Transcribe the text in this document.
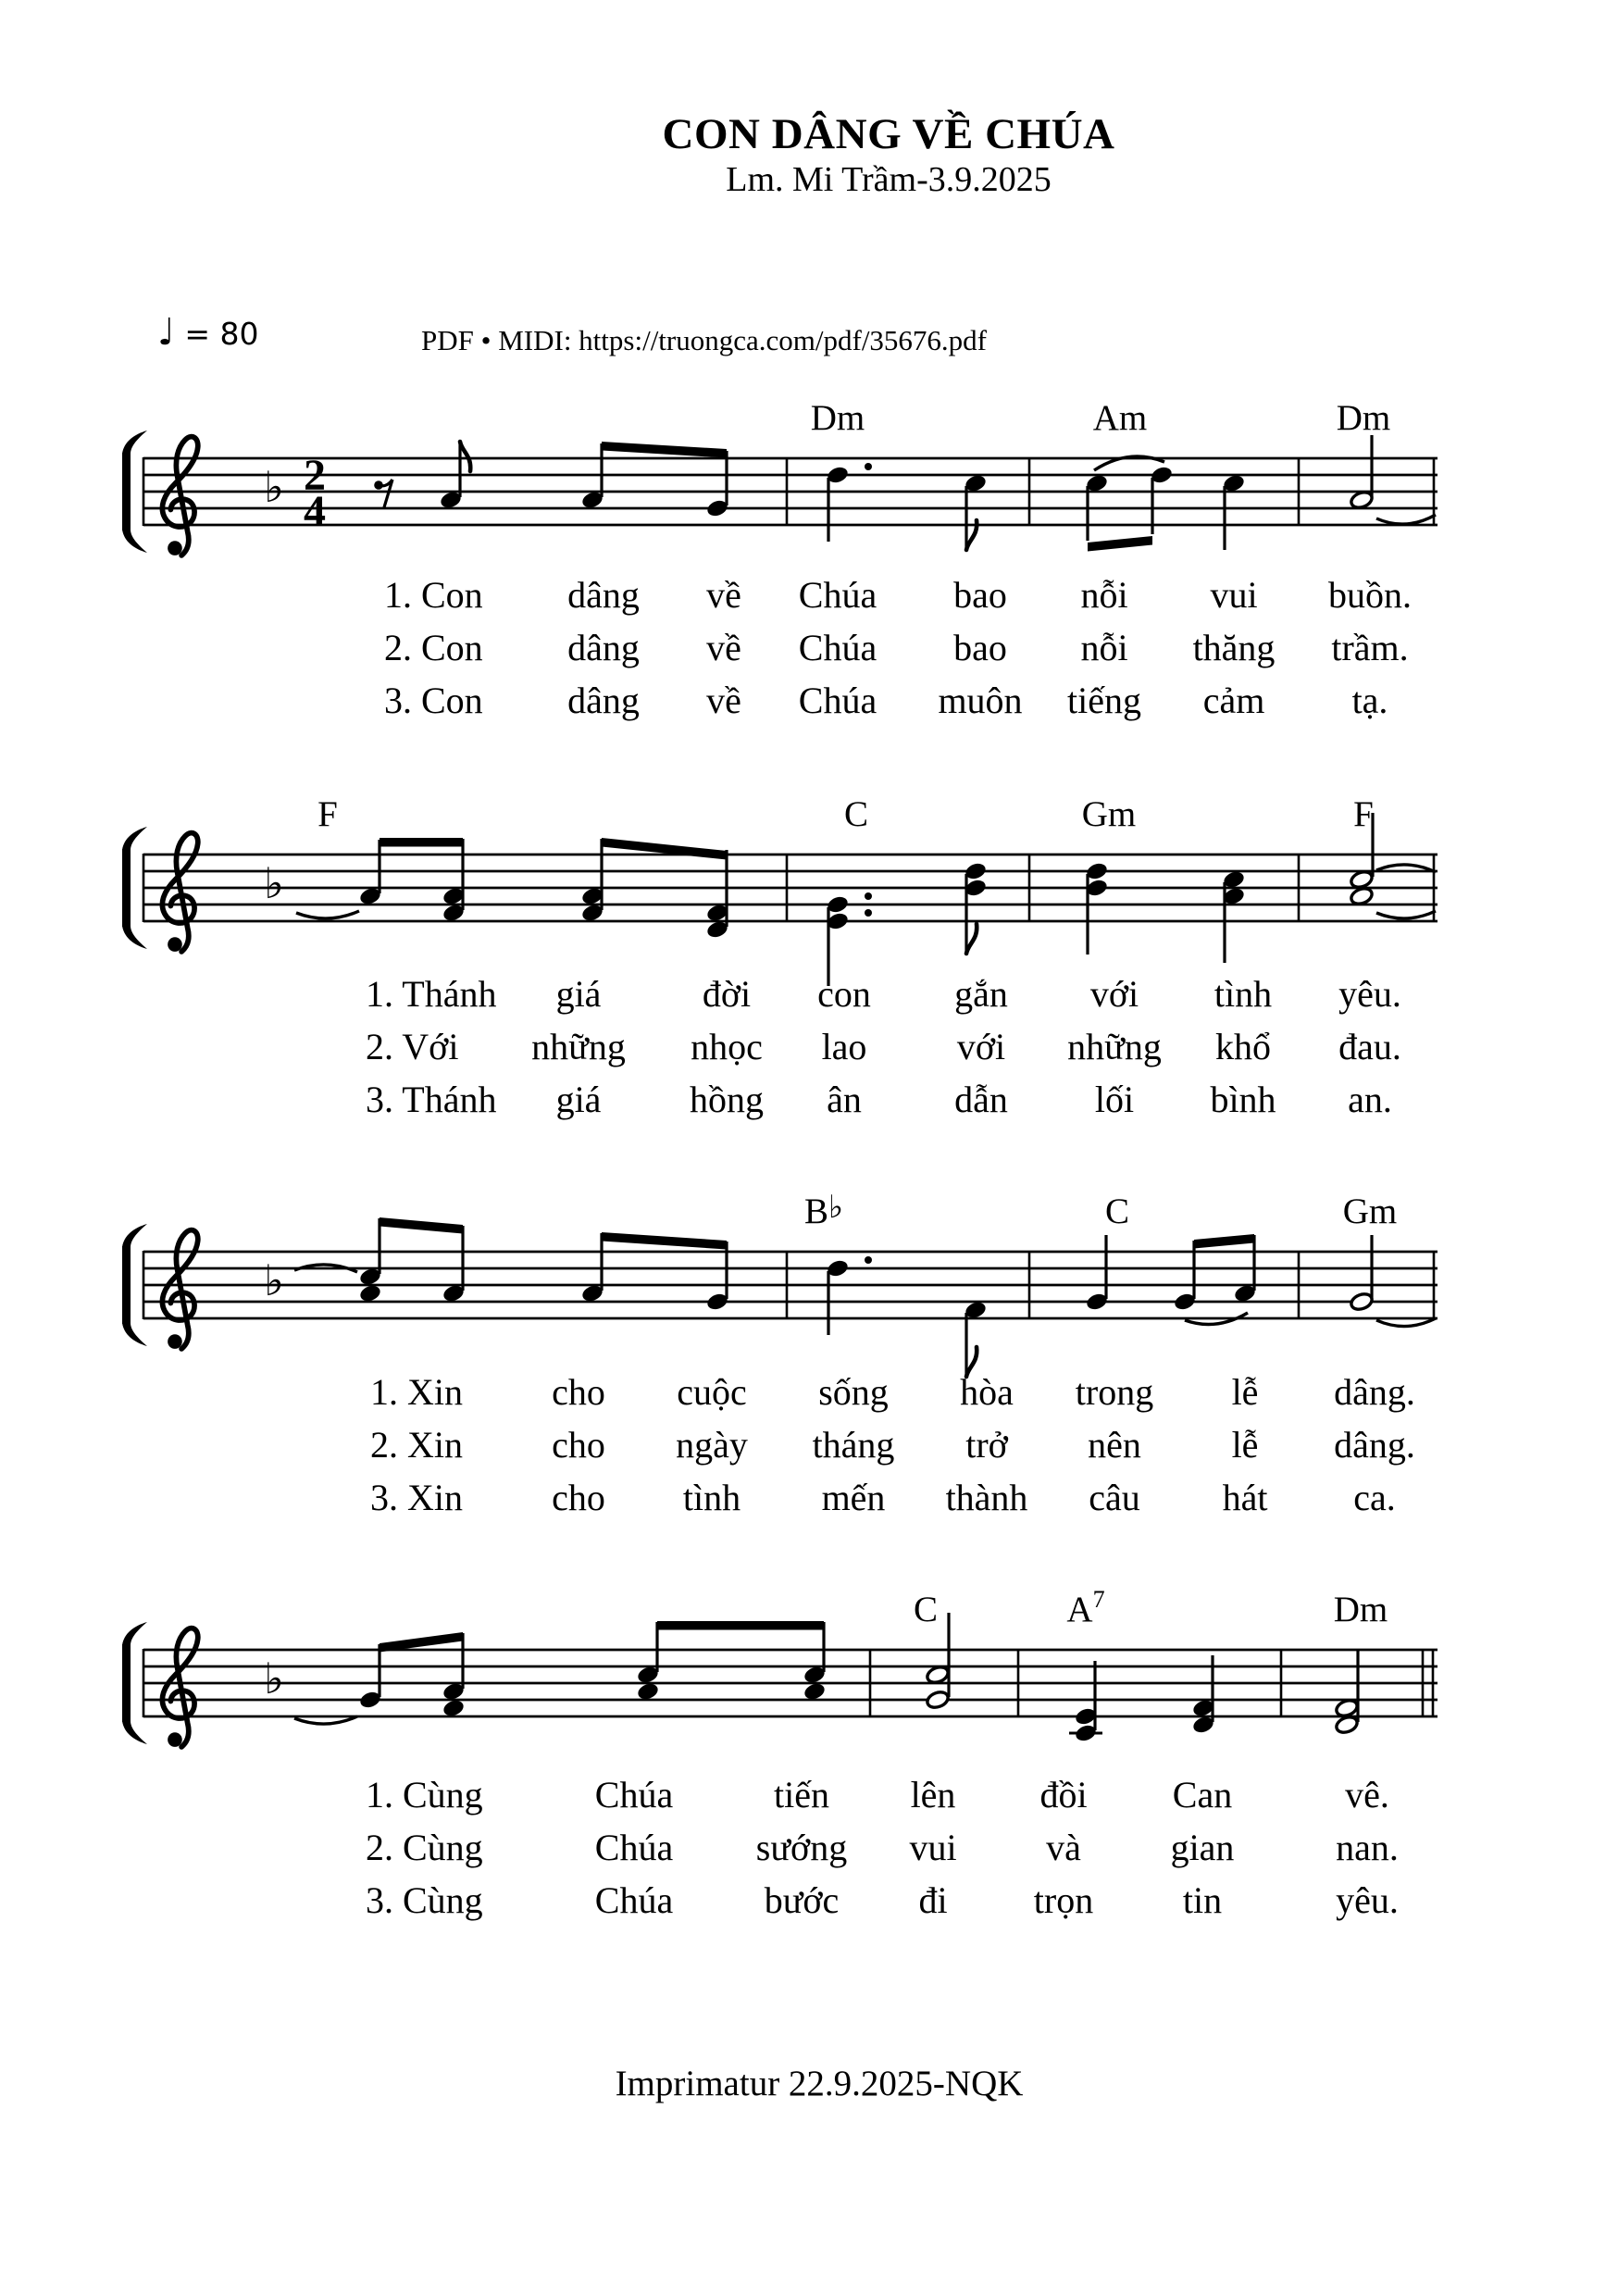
CON DÂNG VỀ CHÚA
Lm. Mi Trầm-3.9.2025
♩ = 80	PDF • MIDI: https://truongca.com/pdf/35676.pdf
♭ 2
4
Dm	Am	Dm
♭
F	C	Gm	F
♭
B♭	C	Gm
♭
C	$A^7$	Dm
1. Con dâng về Chúa bao nỗi vui buồn.
2. Con dâng về Chúa bao nỗi thăng trầm.
3. Con dâng về Chúa muôn tiếng cảm tạ.
1. Thánh giá	đời con gắn với tình yêu.
2. Với những nhọc lao với những khổ đau.
3. Thánh giá hồng ân	dẫn lối bình an.
1. Xin cho cuộc sống hòa trong lễ dâng.
2. Xin cho ngày tháng trở nên lễ dâng.
3. Xin cho tình mến thành câu hát ca.
1. Cùng	Chúa	tiến lên đồi Can	vê.
2. Cùng	Chúa sướng vui và gian	nan.
3. Cùng	Chúa bước đi trọn tin	yêu.
Imprimatur 22.9.2025-NQK
